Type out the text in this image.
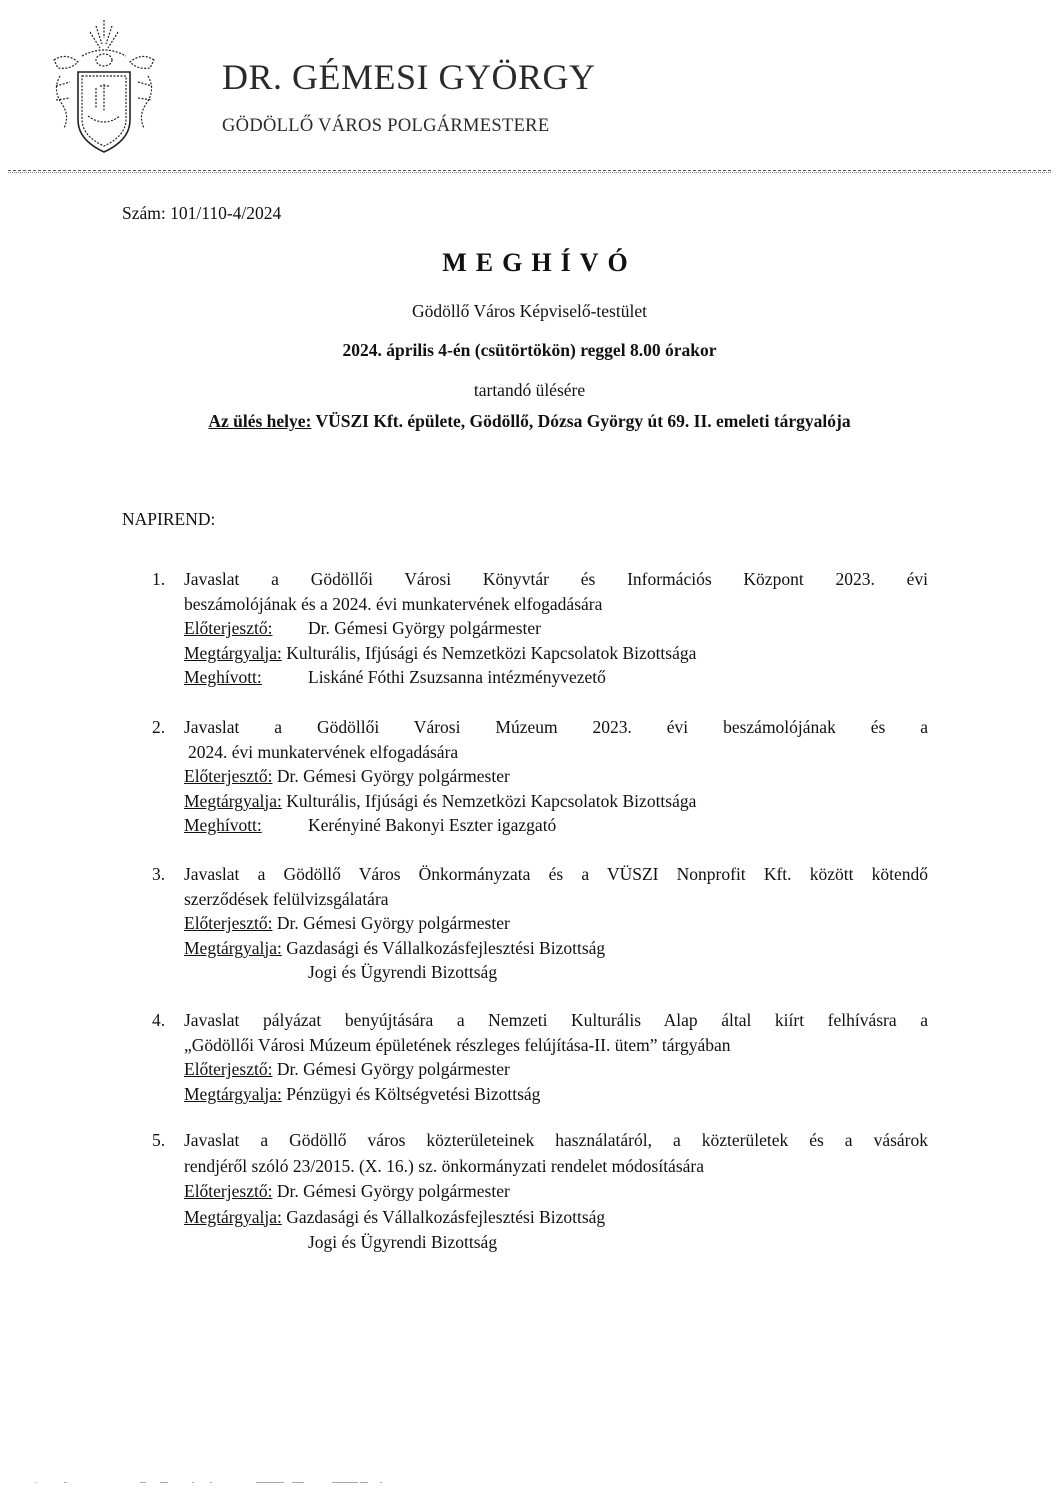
DR. GÉMESI GYÖRGY
GÖDÖLLŐ VÁROS POLGÁRMESTERE
Szám: 101/110-4/2024
MEGHÍVÓ
Gödöllő Város Képviselő-testület
2024. április 4-én (csütörtökön) reggel 8.00 órakor
tartandó ülésére
Az ülés helye: VÜSZI Kft. épülete, Gödöllő, Dózsa György út 69. II. emeleti tárgyalója
NAPIREND:
1. Javaslat a Gödöllői Városi Könyvtár és Információs Központ 2023. évi
beszámolójának és a 2024. évi munkatervének elfogadására
Előterjesztő: Dr. Gémesi György polgármester
Megtárgyalja: Kulturális, Ifjúsági és Nemzetközi Kapcsolatok Bizottsága
Meghívott:	Liskáné Fóthi Zsuzsanna intézményvezető
2. Javaslat a Gödöllői Városi Múzeum 2023. évi beszámolójának és a
2024. évi munkatervének elfogadására
Előterjesztő: Dr. Gémesi György polgármester
Megtárgyalja: Kulturális, Ifjúsági és Nemzetközi Kapcsolatok Bizottsága
Meghívott:	Kerényiné Bakonyi Eszter igazgató
3. Javaslat a Gödöllő Város Önkormányzata és a VÜSZI Nonprofit Kft. között kötendő
szerződések felülvizsgálatára
Előterjesztő: Dr. Gémesi György polgármester
Megtárgyalja: Gazdasági és Vállalkozásfejlesztési Bizottság
Jogi és Ügyrendi Bizottság
4. Javaslat pályázat benyújtására a Nemzeti Kulturális Alap által kiírt felhívásra a
„Gödöllői Városi Múzeum épületének részleges felújítása-II. ütem” tárgyában
Előterjesztő: Dr. Gémesi György polgármester
Megtárgyalja: Pénzügyi és Költségvetési Bizottság
5. Javaslat a Gödöllő város közterületeinek használatáról, a közterületek és a vásárok
rendjéről szóló 23/2015. (X. 16.) sz. önkormányzati rendelet módosítására
Előterjesztő: Dr. Gémesi György polgármester
Megtárgyalja: Gazdasági és Vállalkozásfejlesztési Bizottság
Jogi és Ügyrendi Bizottság
